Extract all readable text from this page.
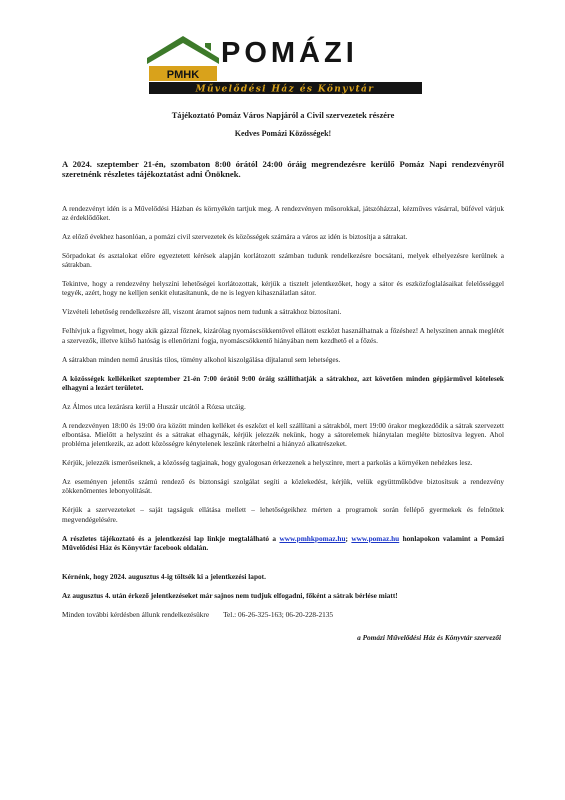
PMHK
POMÁZI
Művelődési Ház és Könyvtár

Tájékoztató Pomáz Város Napjáról a Civil szervezetek részére

Kedves Pomázi Közösségek!

A 2024. szeptember 21-én, szombaton 8:00 órától 24:00 óráig megrendezésre kerülő Pomáz Napi rendezvényről szeretnénk részletes tájékoztatást adni Önöknek.

A rendezvényt idén is a Művelődési Házban és környékén tartjuk meg. A rendezvényen műsorokkal, játszóházzal, kézműves vásárral, büfével várjuk az érdeklődőket.

Az előző évekhez hasonlóan, a pomázi civil szervezetek és közösségek számára a város az idén is biztosítja a sátrakat.

Sörpadokat és asztalokat előre egyeztetett kérések alapján korlátozott számban tudunk rendelkezésre bocsátani, melyek elhelyezésre kerülnek a sátrakban.

Tekintve, hogy a rendezvény helyszíni lehetőségei korlátozottak, kérjük a tisztelt jelentkezőket, hogy a sátor és eszközfoglalásaikat felelősséggel tegyék, azért, hogy ne kelljen senkit elutasítanunk, de ne is legyen kihasználatlan sátor.

Vízvételi lehetőség rendelkezésre áll, viszont áramot sajnos nem tudunk a sátrakhoz biztosítani.

Felhívjuk a figyelmet, hogy akik gázzal főznek, kizárólag nyomáscsökkentővel ellátott eszközt használhatnak a főzéshez! A helyszínen annak meglétét a szervezők, illetve külső hatóság is ellenőrizni fogja, nyomáscsökkentő hiányában nem kezdhető el a főzés.

A sátrakban minden nemű árusítás tilos, tömény alkohol kiszolgálása díjtalanul sem lehetséges.

A közösségek kellékeiket szeptember 21-én 7:00 órától 9:00 óráig szállíthatják a sátrakhoz, azt követően minden gépjárművel kötelesek elhagyni a lezárt területet.

Az Álmos utca lezárásra kerül a Huszár utcától a Rózsa utcáig.

A rendezvényen 18:00 és 19:00 óra között minden kelléket és eszközt el kell szállítani a sátrakból, mert 19:00 órakor megkezdődik a sátrak szervezett elbontása. Mielőtt a helyszínt és a sátrakat elhagynák, kérjük jelezzék nekünk, hogy a sátorelemek hiánytalan megléte biztosítva legyen. Ahol probléma jelentkezik, az adott közösségre kénytelenek leszünk ráterhelni a hiányzó alkatrészeket.

Kérjük, jelezzék ismerőseiknek, a közösség tagjainak, hogy gyalogosan érkezzenek a helyszínre, mert a parkolás a környéken nehézkes lesz.

Az eseményen jelentős számú rendező és biztonsági szolgálat segíti a közlekedést, kérjük, velük együttműködve biztosítsuk a rendezvény zökkenőmentes lebonyolítását.

Kérjük a szervezeteket – saját tagságuk ellátása mellett – lehetőségeikhez mérten a programok során fellépő gyermekek és felnőttek megvendégelésére.

A részletes tájékoztató és a jelentkezési lap linkje megtalálható a www.pmhkpomaz.hu; www.pomaz.hu honlapokon valamint a Pomázi Művelődési Ház és Könyvtár facebook oldalán.

Kérnénk, hogy 2024. augusztus 4-ig töltsék ki a jelentkezési lapot.

Az augusztus 4. után érkező jelentkezéseket már sajnos nem tudjuk elfogadni, főként a sátrak bérlése miatt!

Minden további kérdésben állunk rendelkezésükre Tel.: 06-26-325-163; 06-20-228-2135

a Pomázi Művelődési Ház és Könyvtár szervezői
